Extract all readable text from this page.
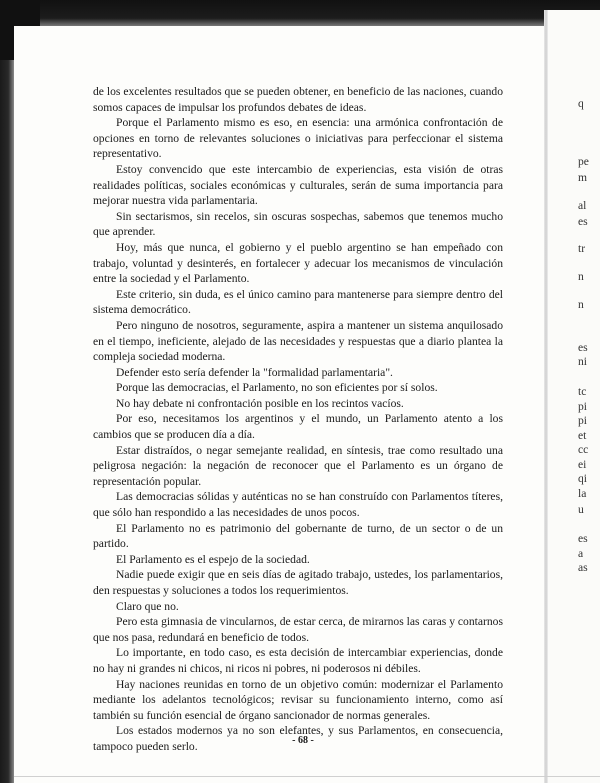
de los excelentes resultados que se pueden obtener, en beneficio de las naciones, cuando somos capaces de impulsar los profundos debates de ideas.

Porque el Parlamento mismo es eso, en esencia: una armónica confrontación de opciones en torno de relevantes soluciones o iniciativas para perfeccionar el sistema representativo.

Estoy convencido que este intercambio de experiencias, esta visión de otras realidades políticas, sociales económicas y culturales, serán de suma importancia para mejorar nuestra vida parlamentaria.

Sin sectarismos, sin recelos, sin oscuras sospechas, sabemos que tenemos mucho que aprender.

Hoy, más que nunca, el gobierno y el pueblo argentino se han empeñado con trabajo, voluntad y desinterés, en fortalecer y adecuar los mecanismos de vinculación entre la sociedad y el Parlamento.

Este criterio, sin duda, es el único camino para mantenerse para siempre dentro del sistema democrático.

Pero ninguno de nosotros, seguramente, aspira a mantener un sistema anquilosado en el tiempo, ineficiente, alejado de las necesidades y respuestas que a diario plantea la compleja sociedad moderna.

Defender esto sería defender la "formalidad parlamentaria".

Porque las democracias, el Parlamento, no son eficientes por sí solos.

No hay debate ni confrontación posible en los recintos vacíos.

Por eso, necesitamos los argentinos y el mundo, un Parlamento atento a los cambios que se producen día a día.

Estar distraídos, o negar semejante realidad, en síntesis, trae como resultado una peligrosa negación: la negación de reconocer que el Parlamento es un órgano de representación popular.

Las democracias sólidas y auténticas no se han construído con Parlamentos títeres, que sólo han respondido a las necesidades de unos pocos.

El Parlamento no es patrimonio del gobernante de turno, de un sector o de un partido.

El Parlamento es el espejo de la sociedad.

Nadie puede exigir que en seis días de agitado trabajo, ustedes, los parlamentarios, den respuestas y soluciones a todos los requerimientos.

Claro que no.

Pero esta gimnasia de vincularnos, de estar cerca, de mirarnos las caras y contarnos que nos pasa, redundará en beneficio de todos.

Lo importante, en todo caso, es esta decisión de intercambiar experiencias, donde no hay ni grandes ni chicos, ni ricos ni pobres, ni poderosos ni débiles.

Hay naciones reunidas en torno de un objetivo común: modernizar el Parlamento mediante los adelantos tecnológicos; revisar su funcionamiento interno, como así también su función esencial de órgano sancionador de normas generales.

Los estados modernos ya no son elefantes, y sus Parlamentos, en consecuencia, tampoco pueden serlo.	- 68 -
q
pe
m
al
es
tr
n
n
es
ni
tc
pi
pi
et
cc
ei
qi
la
u
es
a
as
